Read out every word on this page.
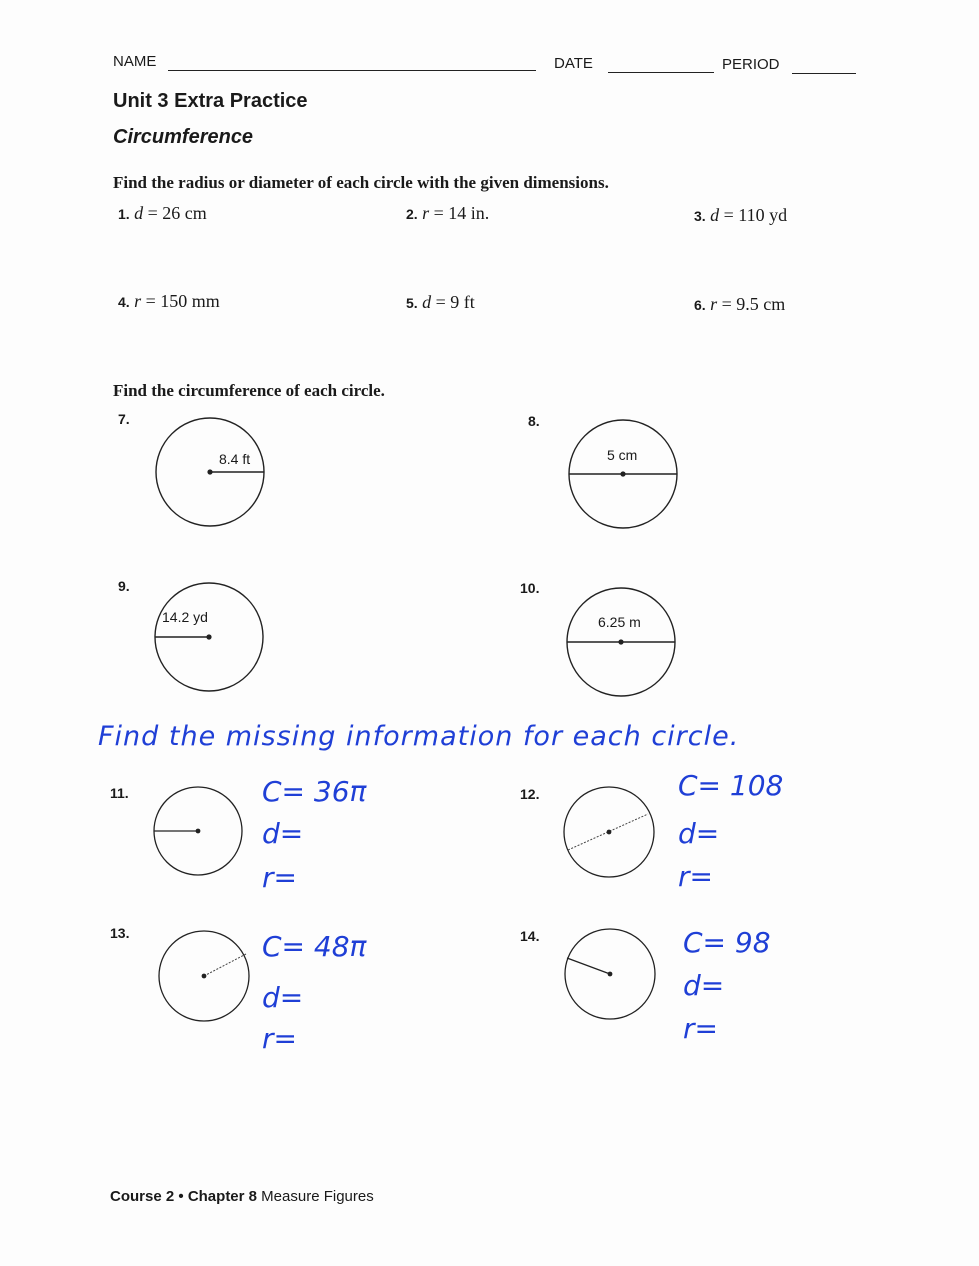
NAME	DATE	PERIOD
Unit 3 Extra Practice
Circumference
Find the radius or diameter of each circle with the given dimensions.
1. d = 26 cm	2. r = 14 in.	3. d = 110 yd
4. r = 150 mm	5. d = 9 ft	6. r = 9.5 cm
Find the circumference of each circle.
7.
8.4 ft
8.
5 cm
9.
14.2 yd
10.
6.25 m
Find the missing information for each circle.
11.	C= 36π
d=
r=
12.	C= 108
d=
r=
13.	C= 48π
d=
r=
14.	C= 98
d=
r=
Course 2 • Chapter 8 Measure Figures
